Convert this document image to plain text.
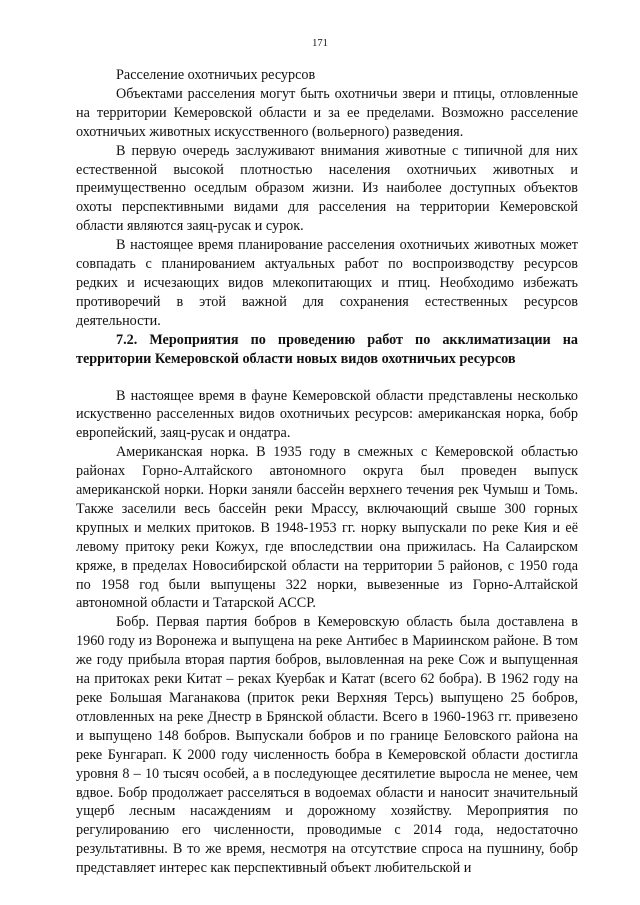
171

Расселение охотничьих ресурсов

Объектами расселения могут быть охотничьи звери и птицы, отловленные на территории Кемеровской области и за ее пределами. Возможно расселение охотничьих животных искусственного (вольерного) разведения.

В первую очередь заслуживают внимания животные с типичной для них естественной высокой плотностью населения охотничьих животных и преимущественно оседлым образом жизни. Из наиболее доступных объектов охоты перспективными видами для расселения на территории Кемеровской области являются заяц-русак и сурок.

В настоящее время планирование расселения охотничьих животных может совпадать с планированием актуальных работ по воспроизводству ресурсов редких и исчезающих видов млекопитающих и птиц. Необходимо избежать противоречий в этой важной для сохранения естественных ресурсов деятельности.

7.2. Мероприятия по проведению работ по акклиматизации на территории Кемеровской области новых видов охотничьих ресурсов

В настоящее время в фауне Кемеровской области представлены несколько искуственно расселенных видов охотничьих ресурсов: американская норка, бобр европейский, заяц-русак и ондатра.

Американская норка. В 1935 году в смежных с Кемеровской областью районах Горно-Алтайского автономного округа был проведен выпуск американской норки. Норки заняли бассейн верхнего течения рек Чумыш и Томь. Также заселили весь бассейн реки Мрассу, включающий свыше 300 горных крупных и мелких притоков. В 1948-1953 гг. норку выпускали по реке Кия и её левому притоку реки Кожух, где впоследствии она прижилась. На Салаирском кряже, в пределах Новосибирской области на территории 5 районов, с 1950 года по 1958 год были выпущены 322 норки, вывезенные из Горно-Алтайской автономной области и Татарской АССР.

Бобр. Первая партия бобров в Кемеровскую область была доставлена в 1960 году из Воронежа и выпущена на реке Антибес в Мариинском районе. В том же году прибыла вторая партия бобров, выловленная на реке Сож и выпущенная на притоках реки Китат – реках Куербак и Катат (всего 62 бобра). В 1962 году на реке Большая Маганакова (приток реки Верхняя Терсь) выпущено 25 бобров, отловленных на реке Днестр в Брянской области. Всего в 1960-1963 гг. привезено и выпущено 148 бобров. Выпускали бобров и по границе Беловского района на реке Бунгарап. К 2000 году численность бобра в Кемеровской области достигла уровня 8 – 10 тысяч особей, а в последующее десятилетие выросла не менее, чем вдвое. Бобр продолжает расселяться в водоемах области и наносит значительный ущерб лесным насаждениям и дорожному хозяйству. Мероприятия по регулированию его численности, проводимые с 2014 года, недостаточно результативны. В то же время, несмотря на отсутствие спроса на пушнину, бобр представляет интерес как перспективный объект любительской и
